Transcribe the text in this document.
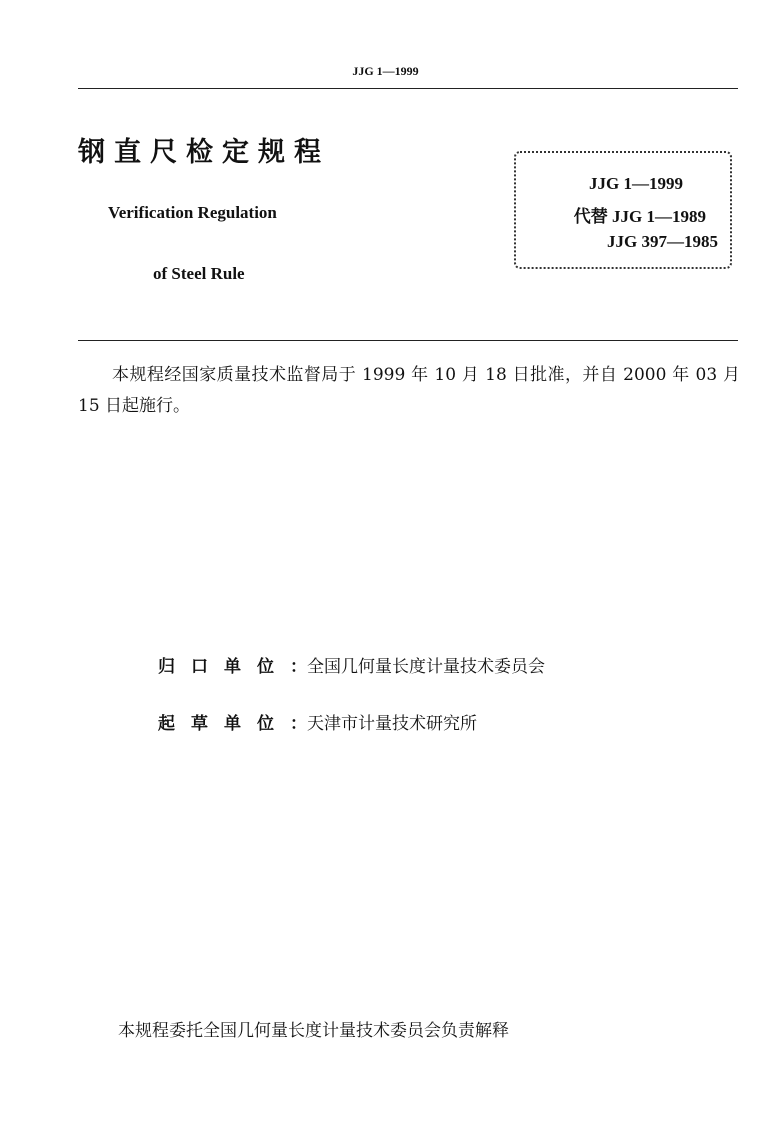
JJG 1—1999
钢直尺检定规程
Verification Regulation
of Steel Rule
JJG 1—1999
代替 JJG 1—1989
JJG 397—1985
本规程经国家质量技术监督局于 1999 年 10 月 18 日批准，并自 2000 年 03 月 15 日起施行。
归口单位：全国几何量长度计量技术委员会
起草单位：天津市计量技术研究所
本规程委托全国几何量长度计量技术委员会负责解释
